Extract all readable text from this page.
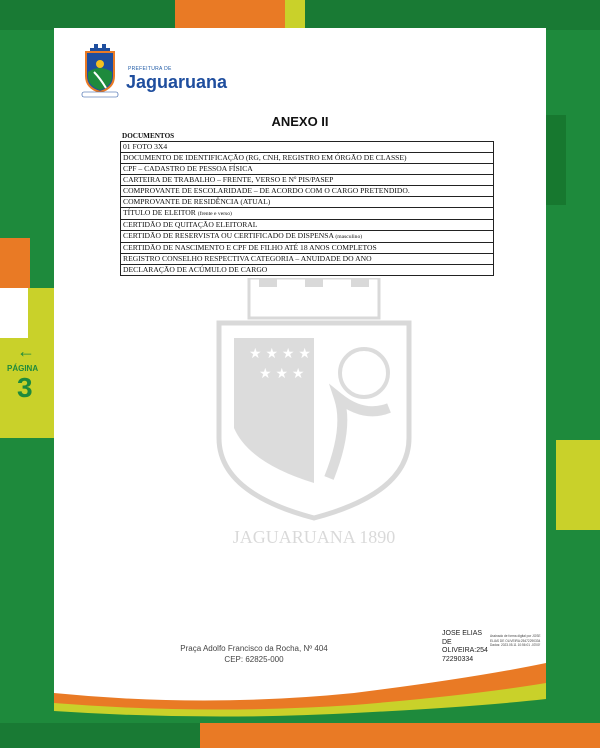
←
PÁGINA
3
PREFEITURA DE
Jaguaruana
★ ★ ★ ★
★ ★ ★
JAGUARUANA 1890
ANEXO II
DOCUMENTOS
01 FOTO 3X4
DOCUMENTO DE IDENTIFICAÇÃO (RG, CNH, REGISTRO EM ÓRGÃO DE CLASSE)
CPF – CADASTRO DE PESSOA FÍSICA
CARTEIRA DE TRABALHO – FRENTE, VERSO E Nº PIS/PASEP
COMPROVANTE DE ESCOLARIDADE – DE ACORDO COM O CARGO PRETENDIDO.
COMPROVANTE DE RESIDÊNCIA (ATUAL)
TÍTULO DE ELEITOR (frente e verso)
CERTIDÃO DE QUITAÇÃO ELEITORAL
CERTIDÃO DE RESERVISTA OU CERTIFICADO DE DISPENSA (masculino)
CERTIDÃO DE NASCIMENTO E CPF DE FILHO ATÉ 18 ANOS COMPLETOS
REGISTRO CONSELHO RESPECTIVA CATEGORIA – ANUIDADE DO ANO
DECLARAÇÃO DE ACÚMULO DE CARGO
Praça Adolfo Francisco da Rocha, Nº 404
CEP: 62825-000
JOSE ELIAS
DE
OLIVEIRA:254
72290334
Assinado de forma digital por JOSE ELIAS DE OLIVEIRA:25472290334 Dados: 2023.05.11 10:56:01 -03'00'
